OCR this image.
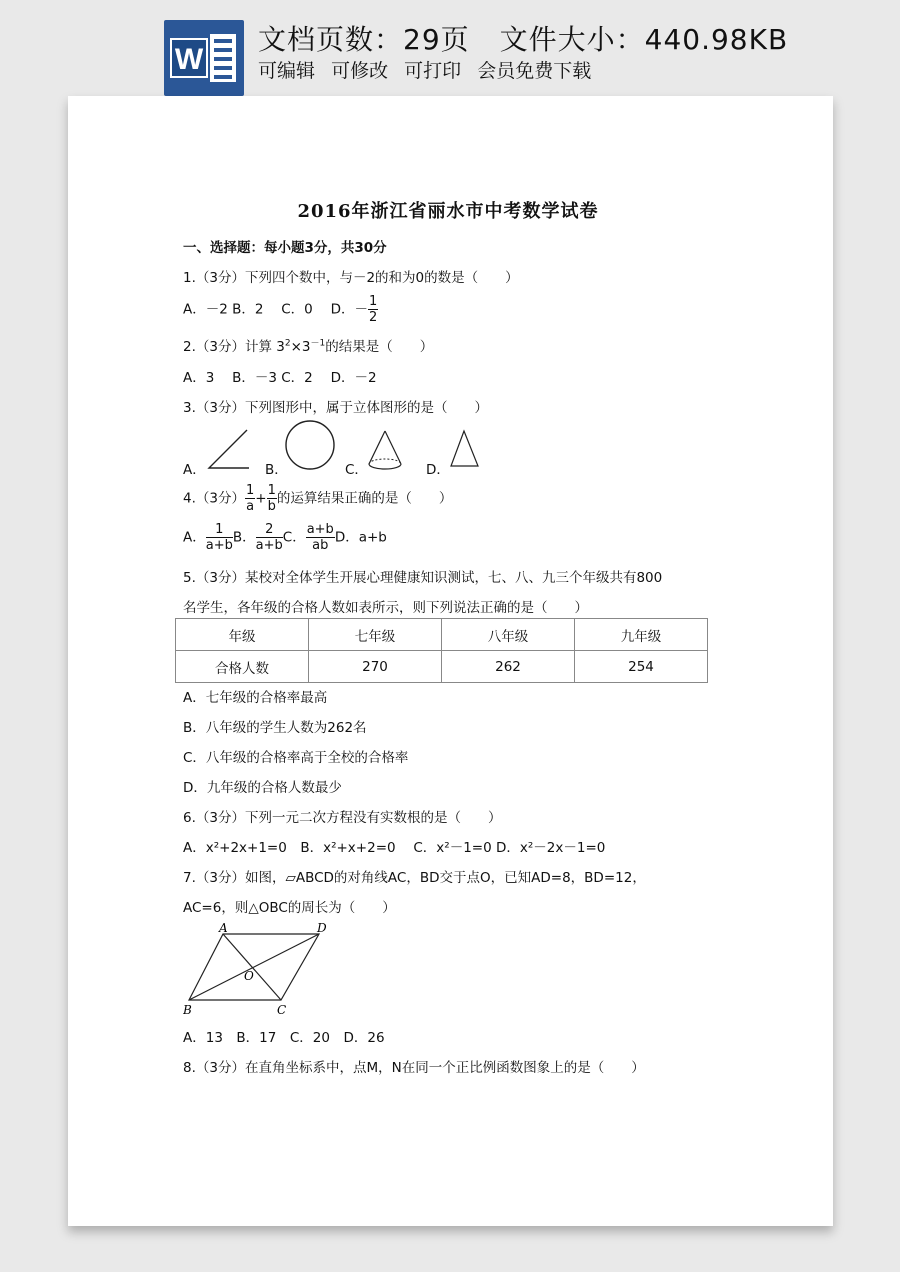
W
文档页数：29页 文件大小：440.98KB
可编辑 可修改 可打印 会员免费下载
2016年浙江省丽水市中考数学试卷
一、选择题：每小题3分，共30分
1.（3分）下列四个数中，与－2的和为0的数是（　　）
A．－2 B．2　 C．0　 D．－ $\frac{1}{2}$
2.（3分）计算 $3^2\times 3^{-1}$的结果是（　　）
A．3　 B．－3 C．2　 D．－2
3.（3分）下列图形中，属于立体图形的是（　　）
A．	B．	C．	D．
4.（3分） $\frac{1}{a} + \frac{1}{b}$ 的运算结果正确的是（　　）
A． $\frac{1}{a+b}$ B． $\frac{2}{a+b}$ C． $\frac{a+b}{ab}$ D．a+b
5.（3分）某校对全体学生开展心理健康知识测试，七、八、九三个年级共有800
名学生，各年级的合格人数如表所示，则下列说法正确的是（　　）
年级	七年级	八年级	九年级
合格人数	270	262	254
A．七年级的合格率最高
B．八年级的学生人数为262名
C．八年级的合格率高于全校的合格率
D．九年级的合格人数最少
6.（3分）下列一元二次方程没有实数根的是（　　）
A．x²+2x+1=0　B．x²+x+2=0　 C．x²－1=0 D．x²－2x－1=0
7.（3分）如图，▱ABCD的对角线AC，BD交于点O，已知AD=8，BD=12，
AC=6，则△OBC的周长为（　　）
A	D
O
B	C
A．13　B．17　C．20　D．26
8.（3分）在直角坐标系中，点M，N在同一个正比例函数图象上的是（　　）
